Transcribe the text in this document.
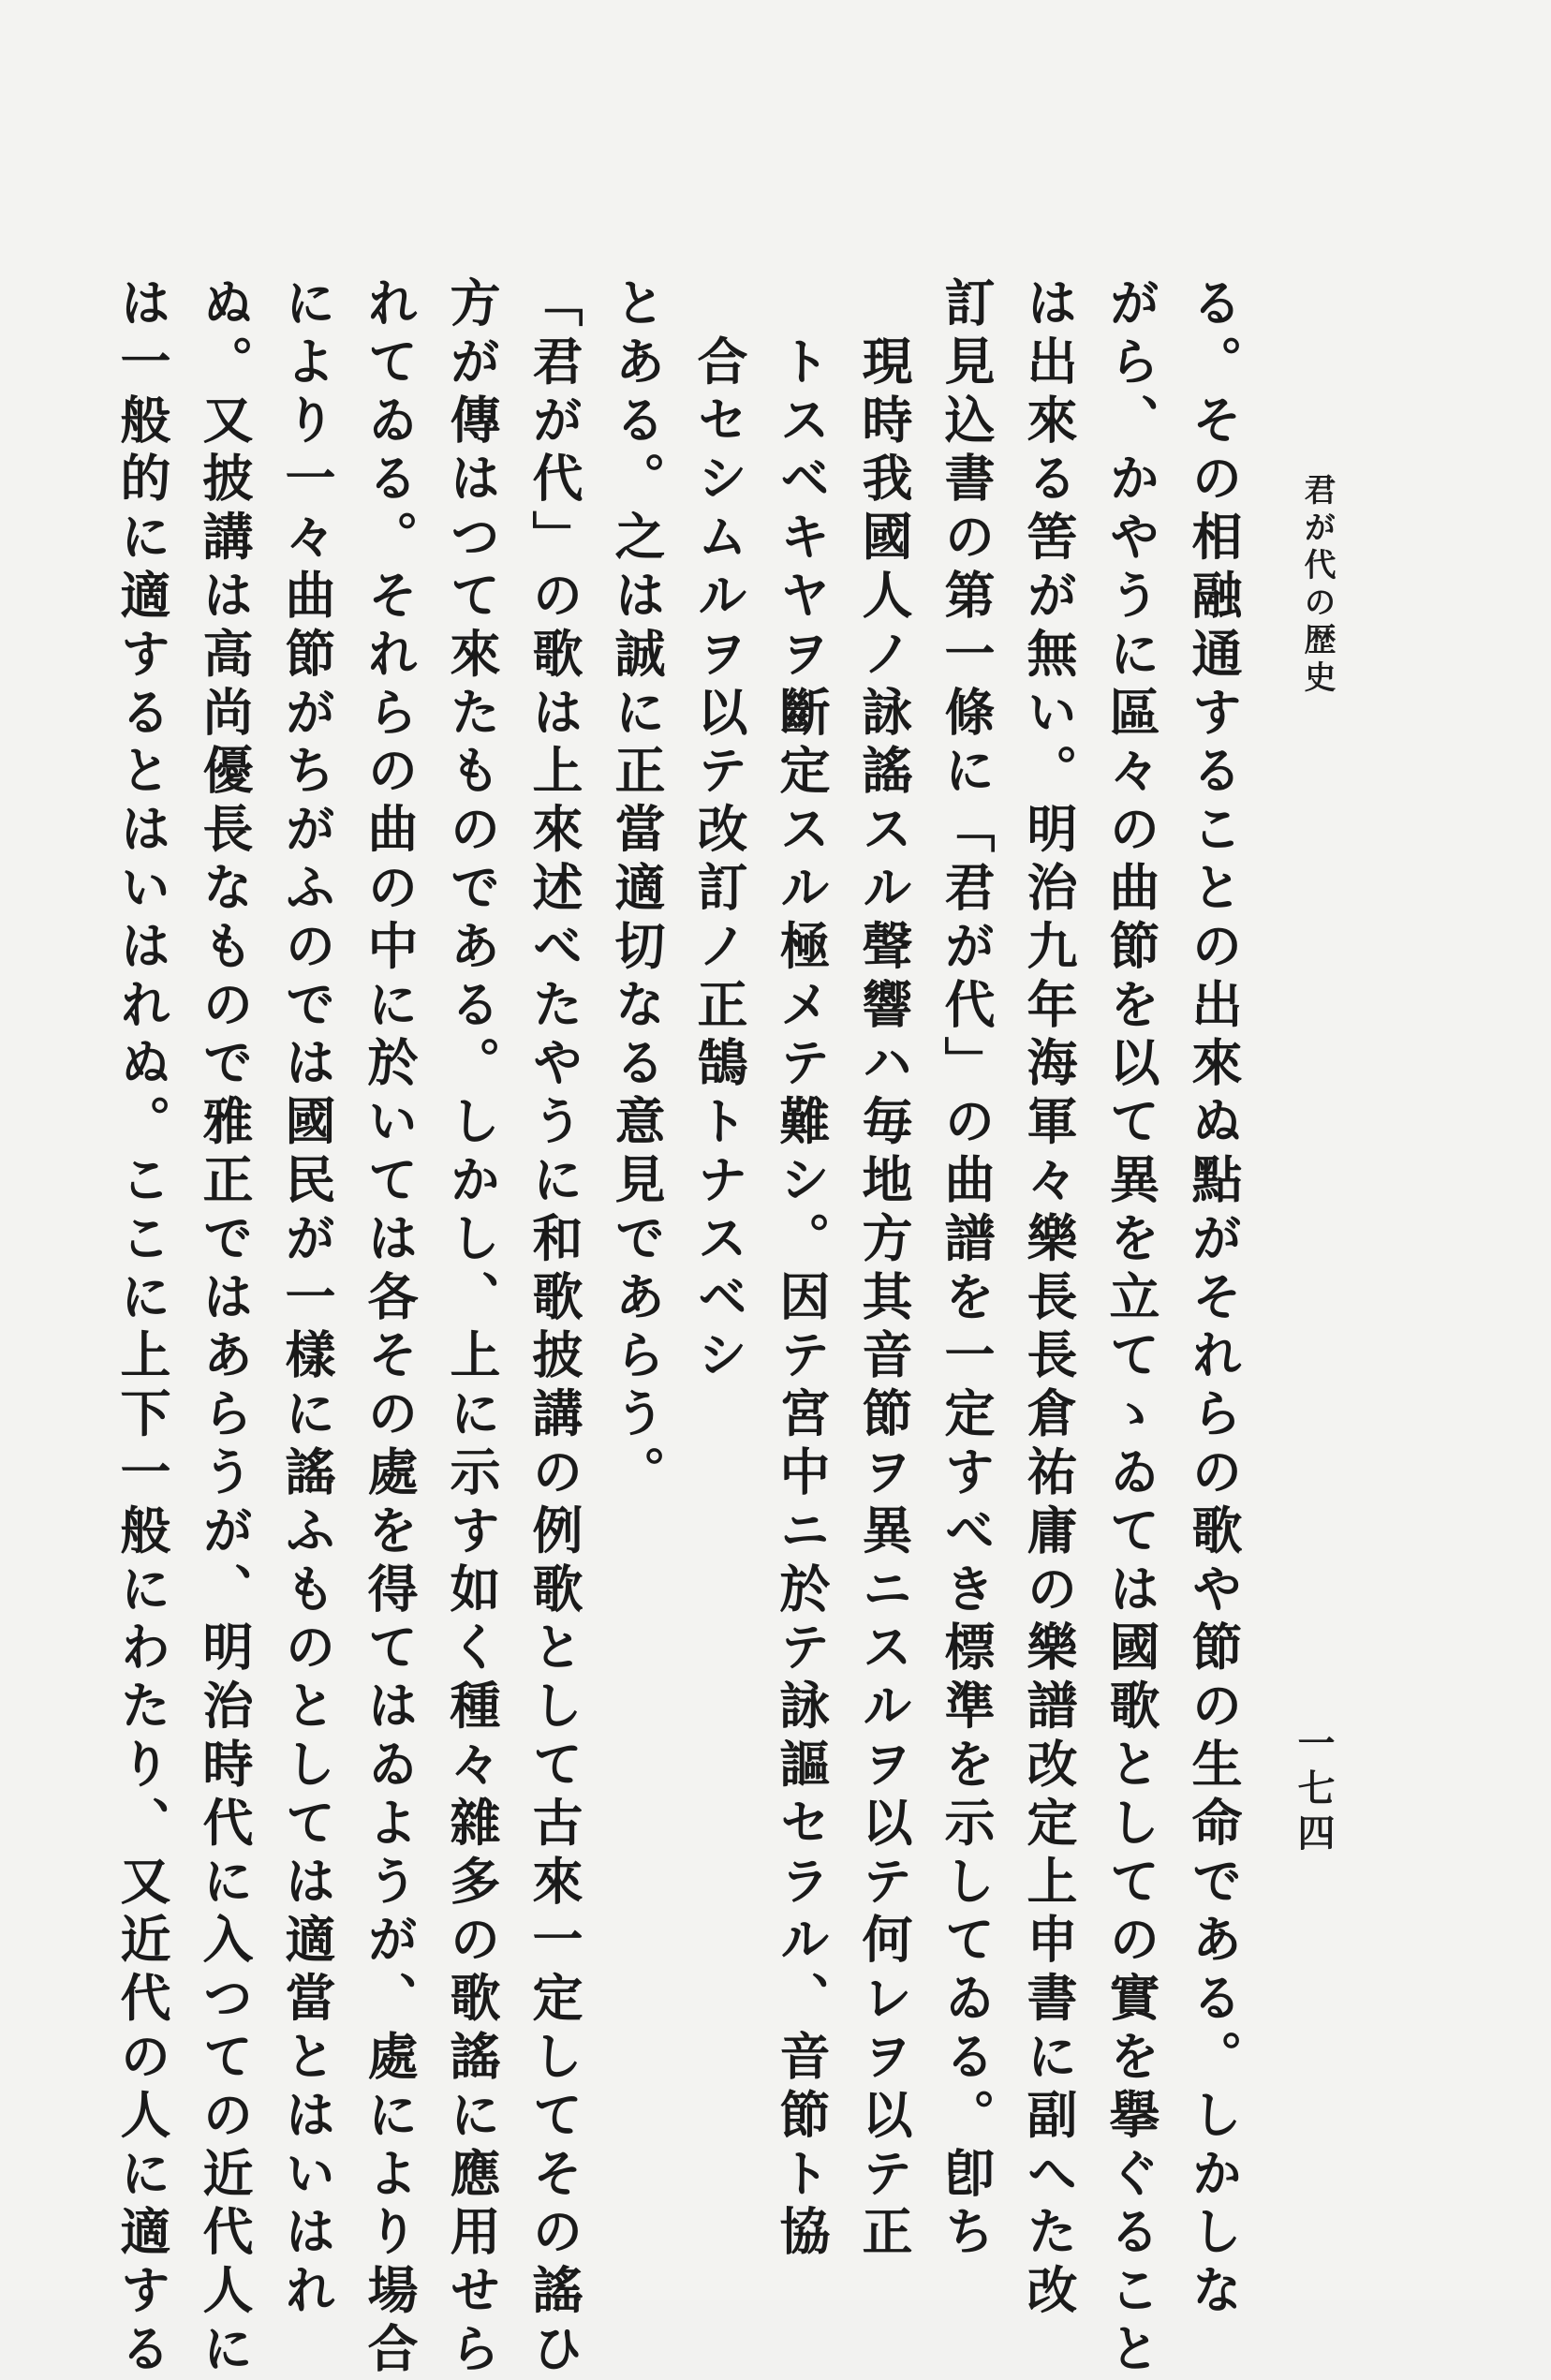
君が代の歴史
一七四
る。その相融通することの出來ぬ點がそれらの歌や節の生命である。しかしな
がら、かやうに區々の曲節を以て異を立てゝゐては國歌としての實を擧ぐること
は出來る筈が無い。明治九年海軍々樂長長倉祐庸の樂譜改定上申書に副へた改
訂見込書の第一條に「君が代」の曲譜を一定すべき標準を示してゐる。卽ち
　現時我國人ノ詠謠スル聲響ハ毎地方其音節ヲ異ニスルヲ以テ何レヲ以テ正
　トスベキヤヲ斷定スル極メテ難シ。因テ宮中ニ於テ詠謳セラル、音節ト協
　合セシムルヲ以テ改訂ノ正鵠トナスベシ
とある。之は誠に正當適切なる意見であらう。
「君が代」の歌は上來述べたやうに和歌披講の例歌として古來一定してその謠ひ
方が傳はつて來たものである。しかし、上に示す如く種々雜多の歌謠に應用せら
れてゐる。それらの曲の中に於いては各その處を得てはゐようが、處により場合
により一々曲節がちがふのでは國民が一樣に謠ふものとしては適當とはいはれ
ぬ。又披講は高尚優長なもので雅正ではあらうが、明治時代に入つての近代人に
は一般的に適するとはいはれぬ。ここに上下一般にわたり、又近代の人に適する
